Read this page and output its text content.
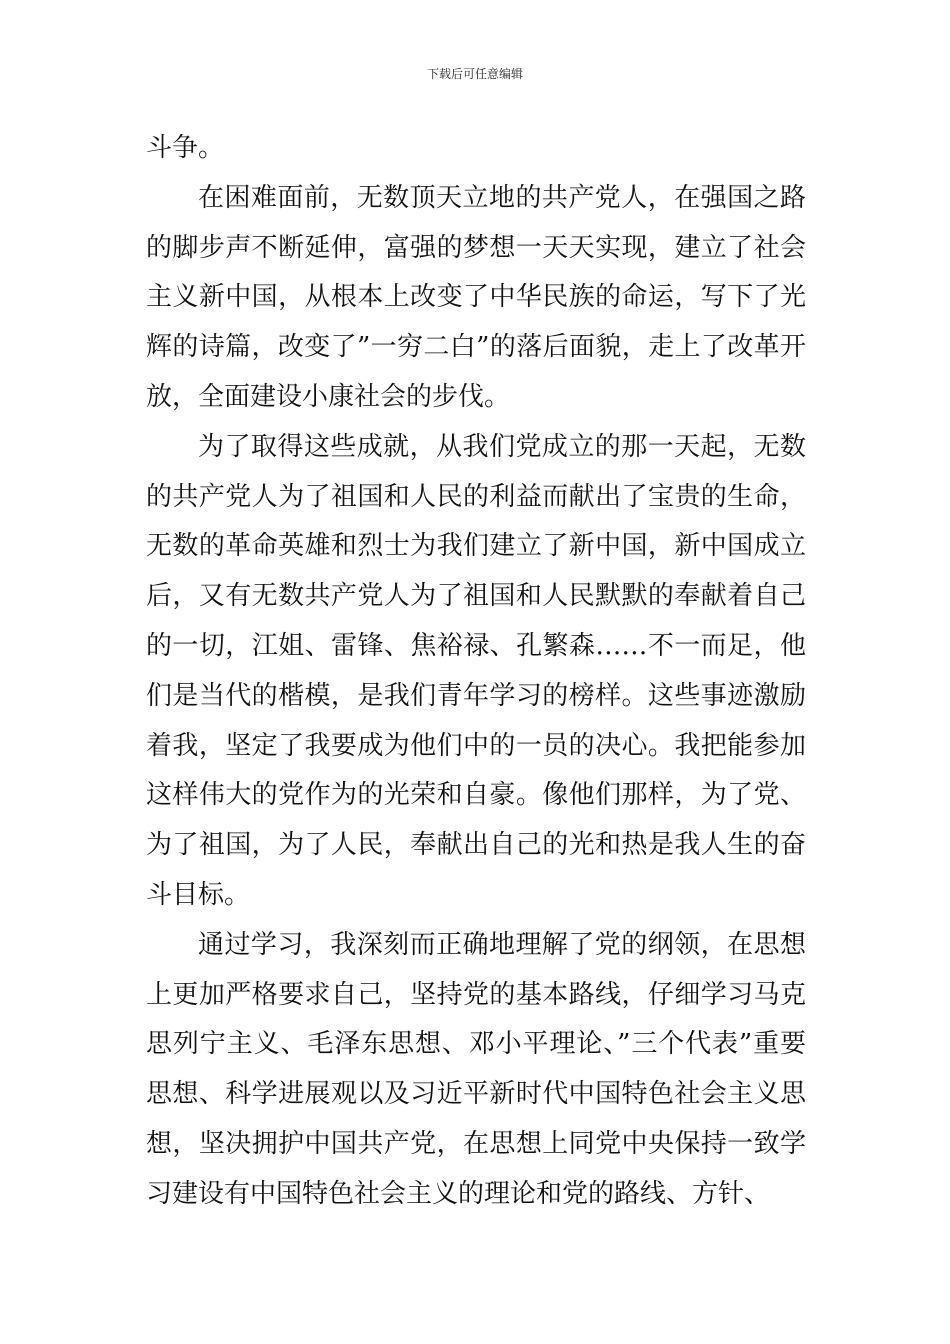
下载后可任意编辑

斗争。

在困难面前，无数顶天立地的共产党人，在强国之路的脚步声不断延伸，富强的梦想一天天实现，建立了社会主义新中国，从根本上改变了中华民族的命运，写下了光辉的诗篇，改变了”一穷二白”的落后面貌，走上了改革开放，全面建设小康社会的步伐。

为了取得这些成就，从我们党成立的那一天起，无数的共产党人为了祖国和人民的利益而献出了宝贵的生命，无数的革命英雄和烈士为我们建立了新中国，新中国成立后，又有无数共产党人为了祖国和人民默默的奉献着自己的一切，江姐、雷锋、焦裕禄、孔繁森……不一而足，他们是当代的楷模，是我们青年学习的榜样。这些事迹激励着我，坚定了我要成为他们中的一员的决心。我把能参加这样伟大的党作为的光荣和自豪。像他们那样，为了党、为了祖国，为了人民，奉献出自己的光和热是我人生的奋斗目标。

通过学习，我深刻而正确地理解了党的纲领，在思想上更加严格要求自己，坚持党的基本路线，仔细学习马克思列宁主义、毛泽东思想、邓小平理论、”三个代表”重要思想、科学进展观以及习近平新时代中国特色社会主义思想，坚决拥护中国共产党，在思想上同党中央保持一致学习建设有中国特色社会主义的理论和党的路线、方针、
